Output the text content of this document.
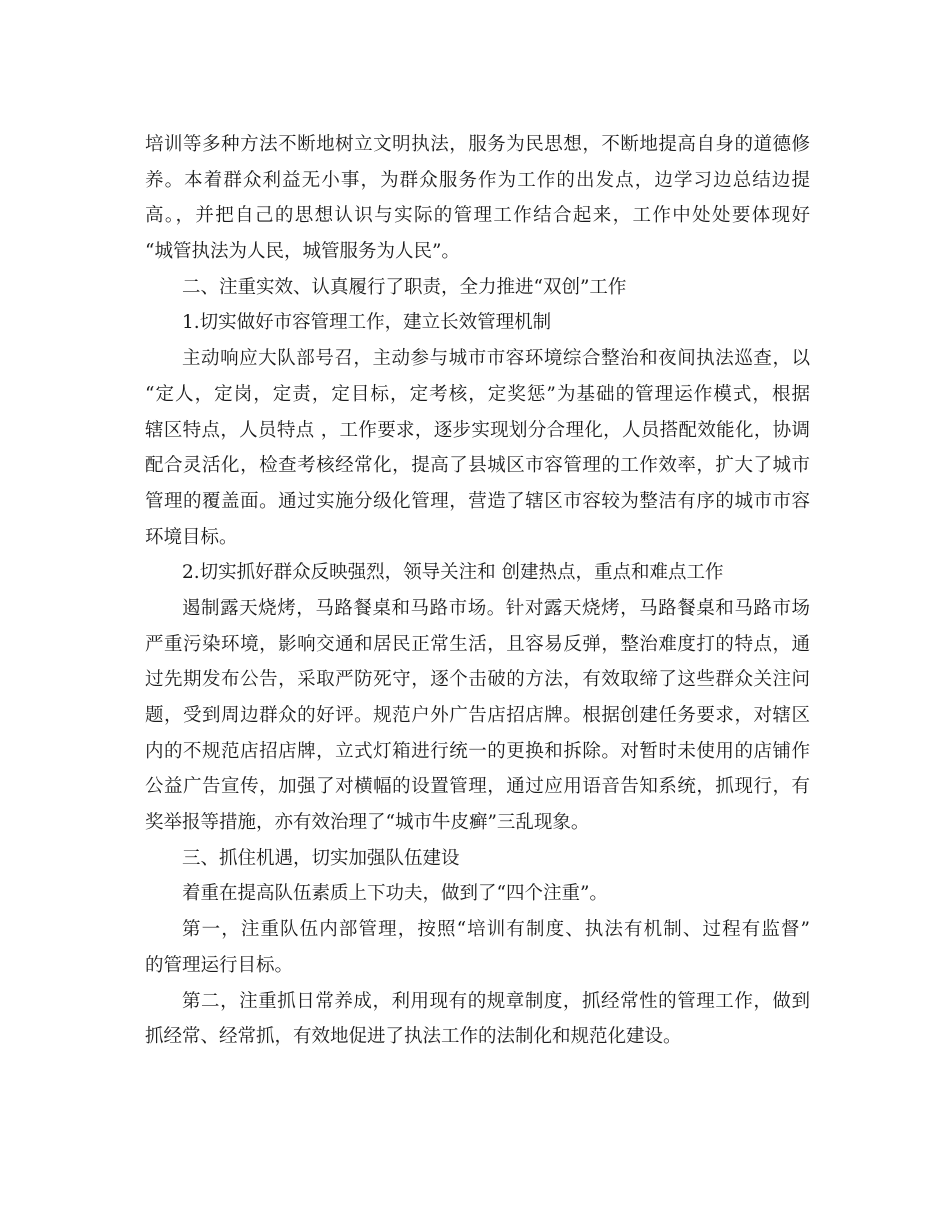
培训等多种方法不断地树立文明执法，服务为民思想，不断地提高自身的道德修
养。本着群众利益无小事，为群众服务作为工作的出发点，边学习边总结边提
高。，并把自己的思想认识与实际的管理工作结合起来，工作中处处要体现好
“城管执法为人民，城管服务为人民”。
二、注重实效、认真履行了职责，全力推进“双创”工作
1.切实做好市容管理工作，建立长效管理机制
主动响应大队部号召，主动参与城市市容环境综合整治和夜间执法巡查，以
“定人，定岗，定责，定目标，定考核，定奖惩”为基础的管理运作模式，根据
辖区特点，人员特点 ，工作要求，逐步实现划分合理化，人员搭配效能化，协调
配合灵活化，检查考核经常化，提高了县城区市容管理的工作效率，扩大了城市
管理的覆盖面。通过实施分级化管理，营造了辖区市容较为整洁有序的城市市容
环境目标。
2.切实抓好群众反映强烈，领导关注和 创建热点，重点和难点工作
遏制露天烧烤，马路餐桌和马路市场。针对露天烧烤，马路餐桌和马路市场
严重污染环境，影响交通和居民正常生活，且容易反弹，整治难度打的特点，通
过先期发布公告，采取严防死守，逐个击破的方法，有效取缔了这些群众关注问
题，受到周边群众的好评。规范户外广告店招店牌。根据创建任务要求，对辖区
内的不规范店招店牌，立式灯箱进行统一的更换和拆除。对暂时未使用的店铺作
公益广告宣传，加强了对横幅的设置管理，通过应用语音告知系统，抓现行，有
奖举报等措施，亦有效治理了“城市牛皮癣”三乱现象。
三、抓住机遇，切实加强队伍建设
着重在提高队伍素质上下功夫，做到了“四个注重”。
第一，注重队伍内部管理，按照“培训有制度、执法有机制、过程有监督”
的管理运行目标。
第二，注重抓日常养成，利用现有的规章制度，抓经常性的管理工作，做到
抓经常、经常抓，有效地促进了执法工作的法制化和规范化建设。
